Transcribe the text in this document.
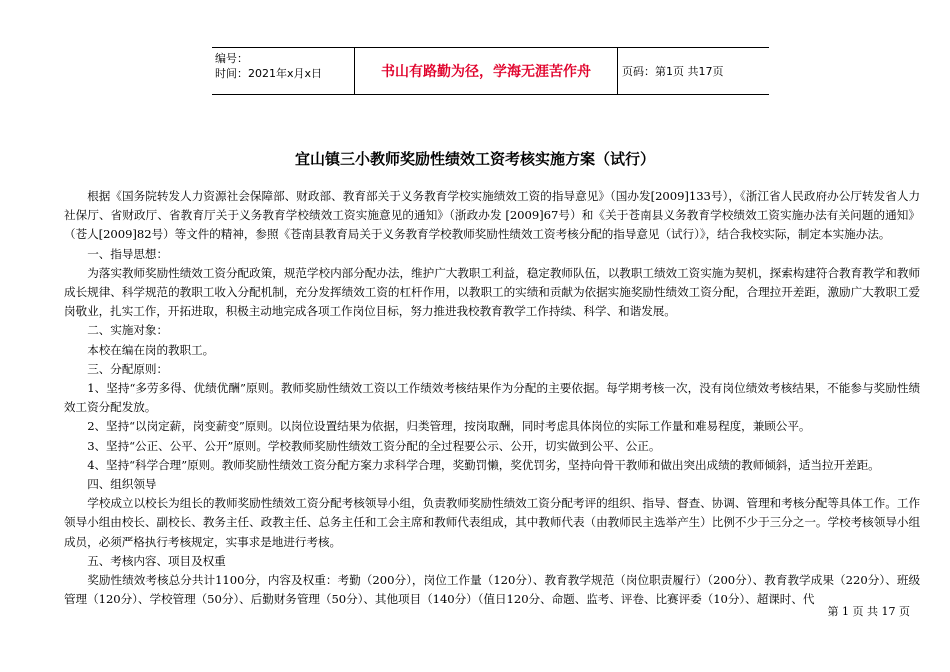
编号：
时间：2021年x月x日	书山有路勤为径，学海无涯苦作舟	页码：第1页 共17页
宜山镇三小教师奖励性绩效工资考核实施方案（试行）

根据《国务院转发人力资源社会保障部、财政部、教育部关于义务教育学校实施绩效工资的指导意见》（国办发[2009]133号），《浙江省人民政府办公厅转发省人力社保厅、省财政厅、省教育厅关于义务教育学校绩效工资实施意见的通知》（浙政办发 [2009]67号）和《关于苍南县义务教育学校绩效工资实施办法有关问题的通知》（苍人[2009]82号）等文件的精神，参照《苍南县教育局关于义务教育学校教师奖励性绩效工资考核分配的指导意见（试行）》，结合我校实际，制定本实施办法。

一、指导思想：

为落实教师奖励性绩效工资分配政策，规范学校内部分配办法，维护广大教职工利益，稳定教师队伍，以教职工绩效工资实施为契机，探索构建符合教育教学和教师成长规律、科学规范的教职工收入分配机制，充分发挥绩效工资的杠杆作用，以教职工的实绩和贡献为依据实施奖励性绩效工资分配，合理拉开差距，激励广大教职工爱岗敬业，扎实工作，开拓进取，积极主动地完成各项工作岗位目标，努力推进我校教育教学工作持续、科学、和谐发展。

二、实施对象：

本校在编在岗的教职工。

三、分配原则：

1、坚持“多劳多得、优绩优酬”原则。教师奖励性绩效工资以工作绩效考核结果作为分配的主要依据。每学期考核一次，没有岗位绩效考核结果，不能参与奖励性绩效工资分配发放。

2、坚持“以岗定薪，岗变薪变”原则。以岗位设置结果为依据，归类管理，按岗取酬，同时考虑具体岗位的实际工作量和难易程度，兼顾公平。

3、坚持“公正、公平、公开”原则。学校教师奖励性绩效工资分配的全过程要公示、公开，切实做到公平、公正。

4、坚持“科学合理”原则。教师奖励性绩效工资分配方案力求科学合理，奖勤罚懒，奖优罚劣，坚持向骨干教师和做出突出成绩的教师倾斜，适当拉开差距。

四、组织领导

学校成立以校长为组长的教师奖励性绩效工资分配考核领导小组，负责教师奖励性绩效工资分配考评的组织、指导、督查、协调、管理和考核分配等具体工作。工作领导小组由校长、副校长、教务主任、政教主任、总务主任和工会主席和教师代表组成，其中教师代表（由教师民主选举产生）比例不少于三分之一。学校考核领导小组成员，必须严格执行考核规定，实事求是地进行考核。

五、考核内容、项目及权重

奖励性绩效考核总分共计1100分，内容及权重：考勤（200分），岗位工作量（120分）、教育教学规范（岗位职责履行）（200分）、教育教学成果（220分）、班级管理（120分）、学校管理（50分）、后勤财务管理（50分）、其他项目（140分）（值日120分、命题、监考、评卷、比赛评委（10分）、超课时、代

第 1 页 共 17 页
